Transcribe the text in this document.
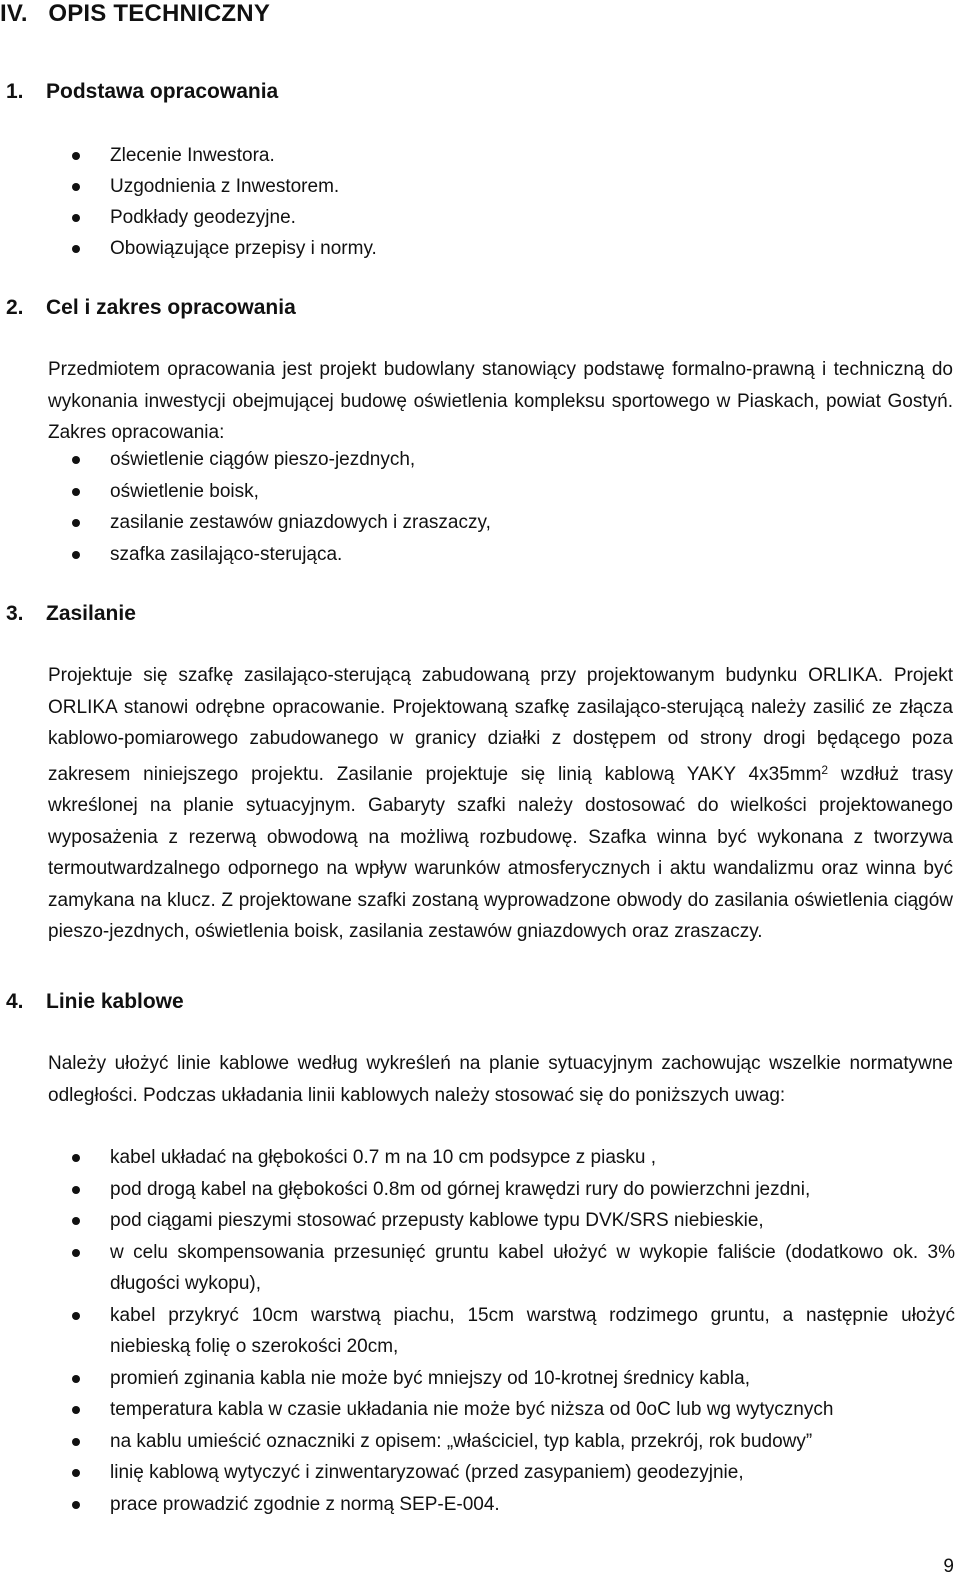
IV.   OPIS TECHNICZNY
1. Podstawa opracowania
Zlecenie Inwestora.
Uzgodnienia z Inwestorem.
Podkłady geodezyjne.
Obowiązujące przepisy i normy.
2. Cel i zakres opracowania
Przedmiotem opracowania jest projekt budowlany stanowiący podstawę formalno-prawną i techniczną do wykonania inwestycji obejmującej budowę oświetlenia kompleksu sportowego w Piaskach, powiat Gostyń. Zakres opracowania:
oświetlenie ciągów pieszo-jezdnych,
oświetlenie boisk,
zasilanie zestawów gniazdowych i zraszaczy,
szafka zasilająco-sterująca.
3. Zasilanie
Projektuje się szafkę zasilająco-sterującą zabudowaną przy projektowanym budynku ORLIKA. Projekt ORLIKA stanowi odrębne opracowanie. Projektowaną szafkę zasilająco-sterującą należy zasilić ze złącza kablowo-pomiarowego zabudowanego w granicy działki z dostępem od strony drogi będącego poza zakresem niniejszego projektu. Zasilanie projektuje się linią kablową YAKY $4x35mm^2$ wzdłuż trasy wkreślonej na planie sytuacyjnym. Gabaryty szafki należy dostosować do wielkości projektowanego wyposażenia z rezerwą obwodową na możliwą rozbudowę. Szafka winna być wykonana z tworzywa termoutwardzalnego odpornego na wpływ warunków atmosferycznych i aktu wandalizmu oraz winna być zamykana na klucz. Z projektowane szafki zostaną wyprowadzone obwody do zasilania oświetlenia ciągów pieszo-jezdnych, oświetlenia boisk, zasilania zestawów gniazdowych oraz zraszaczy.
4. Linie kablowe
Należy ułożyć linie kablowe według wykreśleń na planie sytuacyjnym zachowując wszelkie normatywne odległości. Podczas układania linii kablowych należy stosować się do poniższych uwag:
kabel układać na głębokości 0.7 m na 10 cm podsypce z piasku ,
pod drogą kabel na głębokości 0.8m od górnej krawędzi rury do powierzchni jezdni,
pod ciągami pieszymi stosować przepusty kablowe typu DVK/SRS niebieskie,
w celu skompensowania przesunięć gruntu kabel ułożyć w wykopie faliście (dodatkowo ok. 3% długości wykopu),
kabel przykryć 10cm warstwą piachu, 15cm warstwą rodzimego gruntu, a następnie ułożyć niebieską folię o szerokości 20cm,
promień zginania kabla nie może być mniejszy od 10-krotnej średnicy kabla,
temperatura kabla w czasie układania nie może być niższa od 0oC lub wg wytycznych
na kablu umieścić oznaczniki z opisem: „właściciel, typ kabla, przekrój, rok budowy”
linię kablową wytyczyć i zinwentaryzować (przed zasypaniem) geodezyjnie,
prace prowadzić zgodnie z normą SEP-E-004.
9
